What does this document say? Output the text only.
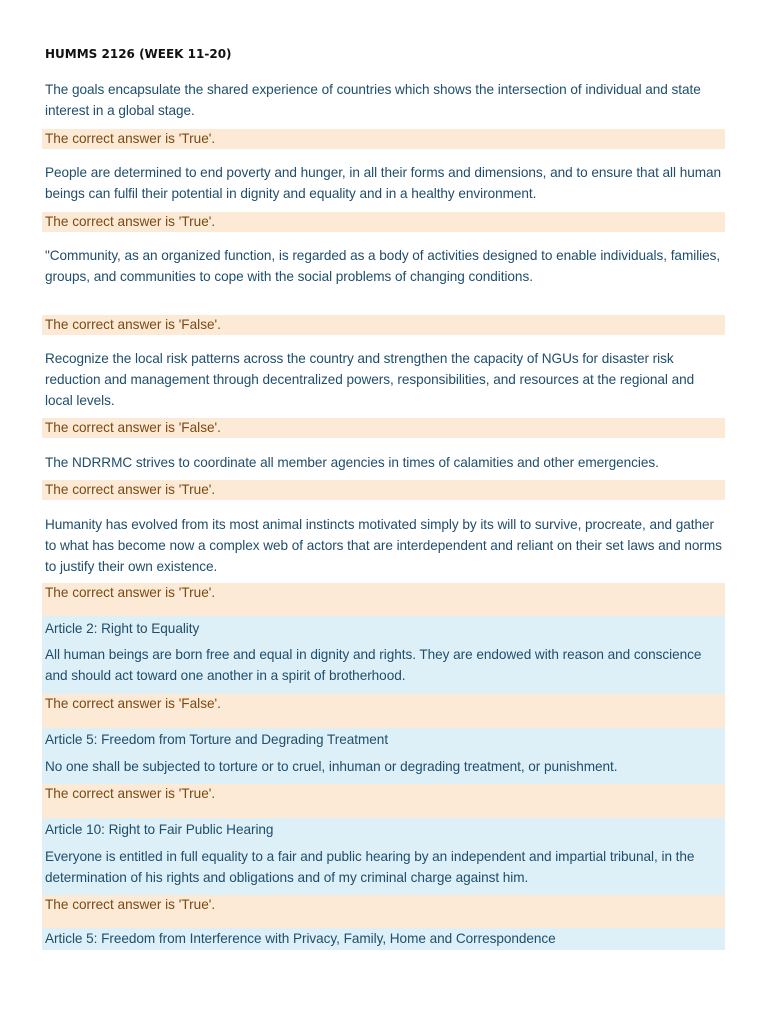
HUMMS 2126 (WEEK 11-20)
The goals encapsulate the shared experience of countries which shows the intersection of individual and state interest in a global stage.
The correct answer is 'True'.
People are determined to end poverty and hunger, in all their forms and dimensions, and to ensure that all human beings can fulfil their potential in dignity and equality and in a healthy environment.
The correct answer is 'True'.
"Community, as an organized function, is regarded as a body of activities designed to enable individuals, families, groups, and communities to cope with the social problems of changing conditions.
The correct answer is 'False'.
Recognize the local risk patterns across the country and strengthen the capacity of NGUs for disaster risk reduction and management through decentralized powers, responsibilities, and resources at the regional and local levels.
The correct answer is 'False'.
The NDRRMC strives to coordinate all member agencies in times of calamities and other emergencies.
The correct answer is 'True'.
Humanity has evolved from its most animal instincts motivated simply by its will to survive, procreate, and gather to what has become now a complex web of actors that are interdependent and reliant on their set laws and norms to justify their own existence.
The correct answer is 'True'.
Article 2: Right to Equality
All human beings are born free and equal in dignity and rights. They are endowed with reason and conscience and should act toward one another in a spirit of brotherhood.
The correct answer is 'False'.
Article 5: Freedom from Torture and Degrading Treatment
No one shall be subjected to torture or to cruel, inhuman or degrading treatment, or punishment.
The correct answer is 'True'.
Article 10: Right to Fair Public Hearing
Everyone is entitled in full equality to a fair and public hearing by an independent and impartial tribunal, in the determination of his rights and obligations and of my criminal charge against him.
The correct answer is 'True'.
Article 5: Freedom from Interference with Privacy, Family, Home and Correspondence
